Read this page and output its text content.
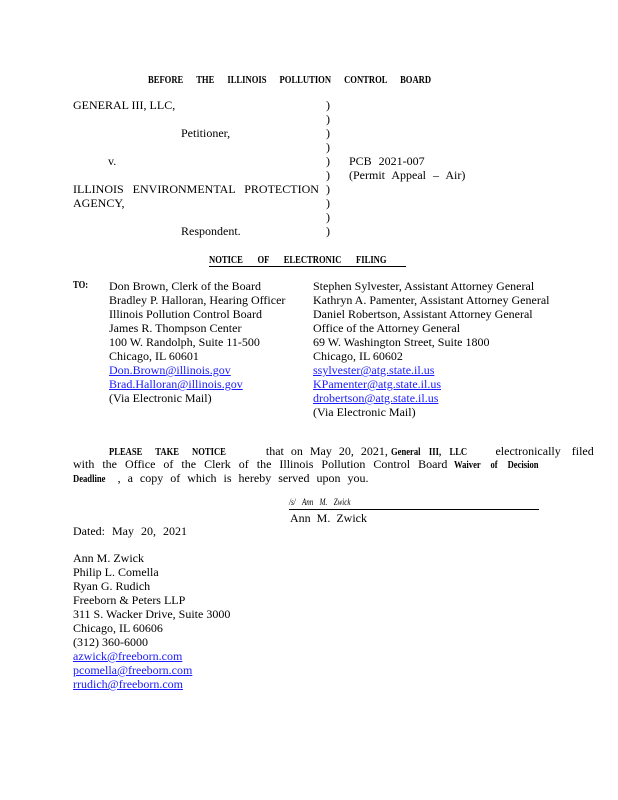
BEFORE THE ILLINOIS POLLUTION CONTROL BOARD
GENERAL III, LLC,
Petitioner,
v.
ILLINOIS ENVIRONMENTAL PROTECTION
AGENCY,
Respondent.
)
)
)
)
)
)
)
)
)
)
PCB 2021-007
(Permit Appeal – Air)
NOTICE OF ELECTRONIC FILING
TO:	Don Brown, Clerk of the Board
Bradley P. Halloran, Hearing Officer
Illinois Pollution Control Board
James R. Thompson Center
100 W. Randolph, Suite 11-500
Chicago, IL 60601
Don.Brown@illinois.gov
Brad.Halloran@illinois.gov
(Via Electronic Mail)
Stephen Sylvester, Assistant Attorney General
Kathryn A. Pamenter, Assistant Attorney General
Daniel Robertson, Assistant Attorney General
Office of the Attorney General
69 W. Washington Street, Suite 1800
Chicago, IL 60602
ssylvester@atg.state.il.us
KPamenter@atg.state.il.us
drobertson@atg.state.il.us
(Via Electronic Mail)
PLEASE TAKE NOTICE	that on May 20, 2021, General III, LLC electronically filed
with the Office of the Clerk of the Illinois Pollution Control Board Waiver of Decision
Deadline , a copy of which is hereby served upon you.
/s/ Ann M. Zwick
Ann M. Zwick
Dated: May 20, 2021
Ann M. Zwick
Philip L. Comella
Ryan G. Rudich
Freeborn & Peters LLP
311 S. Wacker Drive, Suite 3000
Chicago, IL 60606
(312) 360-6000
azwick@freeborn.com
pcomella@freeborn.com
rrudich@freeborn.com
